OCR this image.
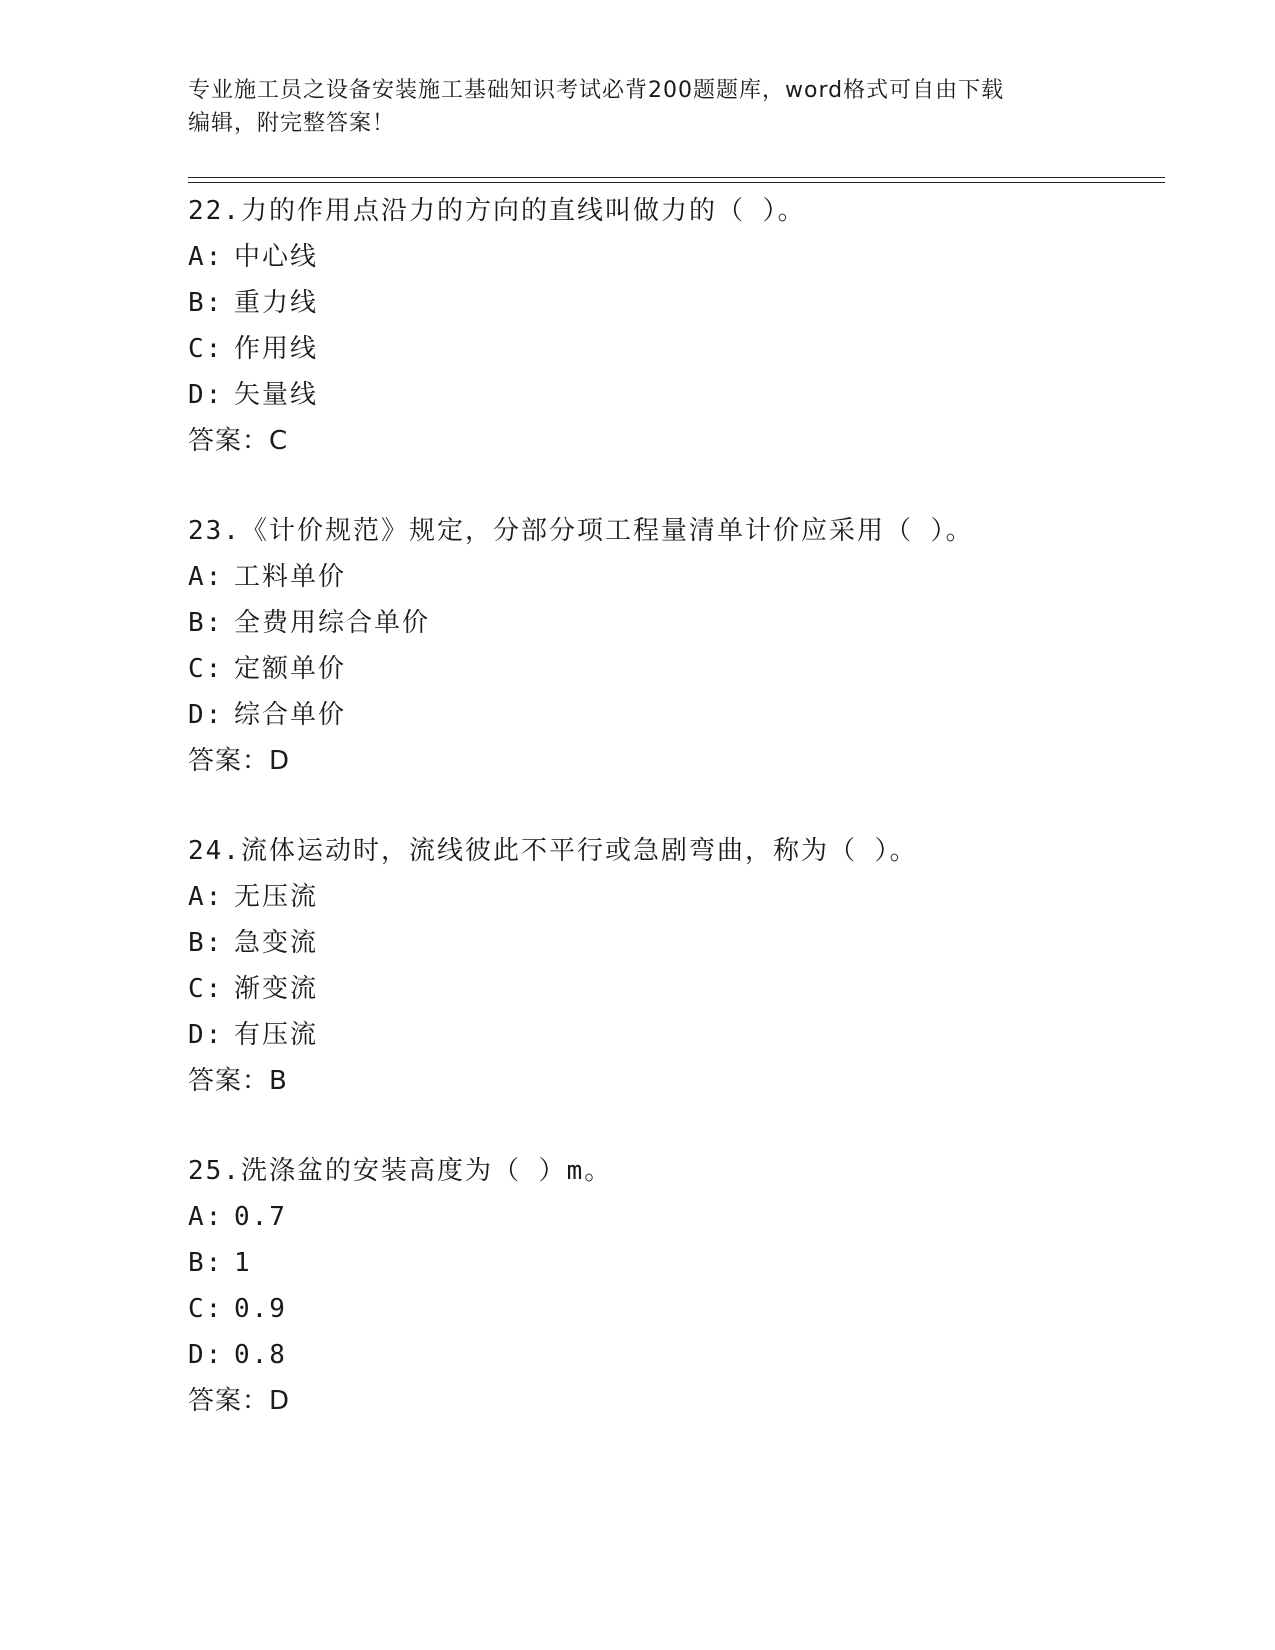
专业施工员之设备安装施工基础知识考试必背200题题库，word格式可自由下载
编辑，附完整答案！
22.力的作用点沿力的方向的直线叫做力的（ ）。
A: 中心线
B: 重力线
C: 作用线
D: 矢量线
答案：C
23.《计价规范》规定，分部分项工程量清单计价应采用（ ）。
A: 工料单价
B: 全费用综合单价
C: 定额单价
D: 综合单价
答案：D
24.流体运动时，流线彼此不平行或急剧弯曲，称为（ ）。
A: 无压流
B: 急变流
C: 渐变流
D: 有压流
答案：B
25.洗涤盆的安装高度为（ ）m。
A: 0.7
B: 1
C: 0.9
D: 0.8
答案：D
